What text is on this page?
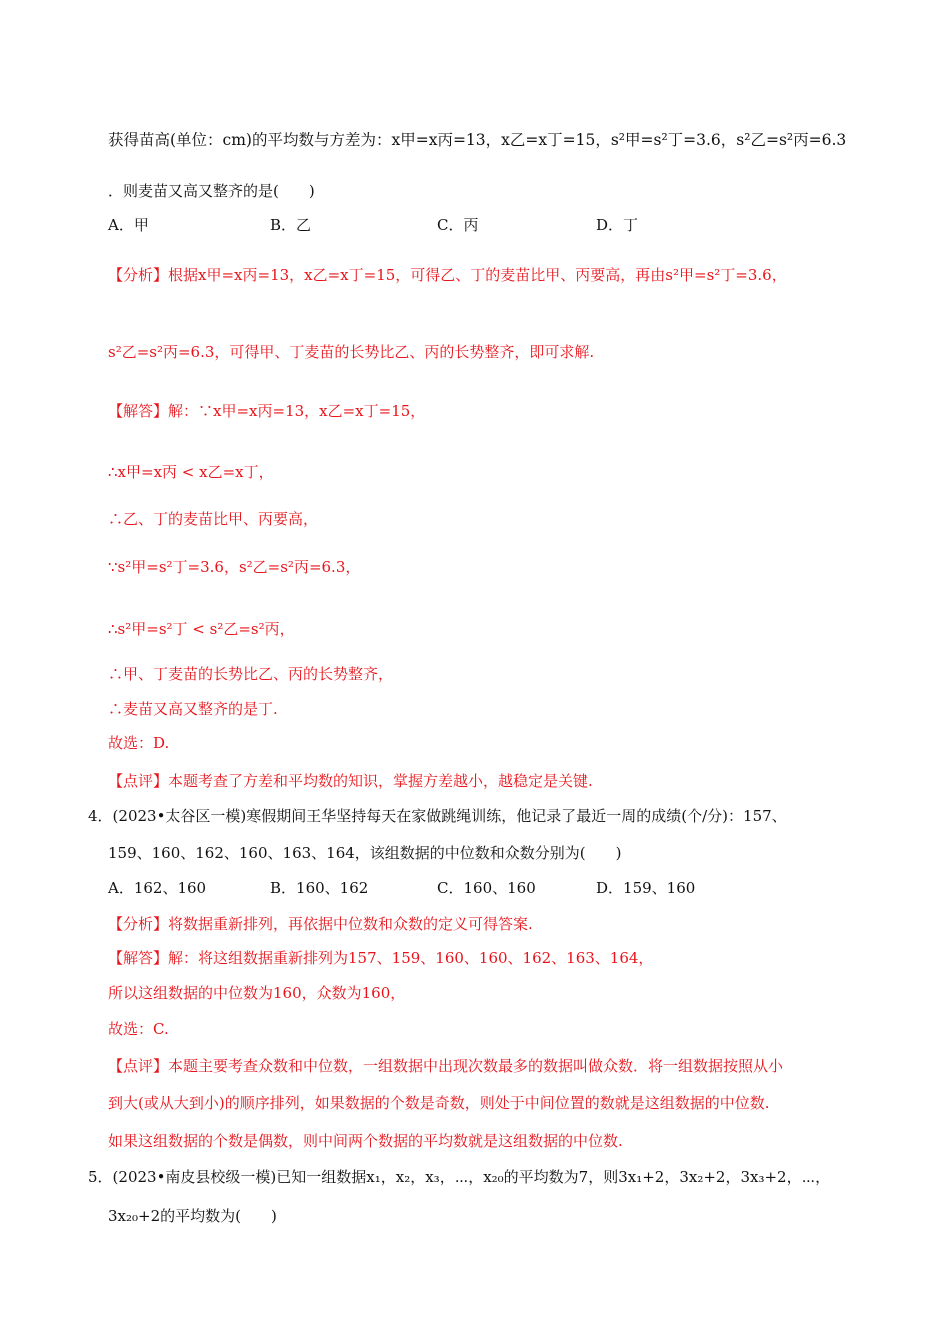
获得苗高(单位：cm)的平均数与方差为：x甲=x丙=13，x乙=x丁=15，s²甲=s²丁=3.6，s²乙=s²丙=6.3
．则麦苗又高又整齐的是(　　)
A．甲	B．乙	C．丙	D．丁
【分析】根据x甲=x丙=13，x乙=x丁=15，可得乙、丁的麦苗比甲、丙要高，再由s²甲=s²丁=3.6，
s²乙=s²丙=6.3，可得甲、丁麦苗的长势比乙、丙的长势整齐，即可求解.
【解答】解：∵x甲=x丙=13，x乙=x丁=15，
∴x甲=x丙 < x乙=x丁，
∴乙、丁的麦苗比甲、丙要高，
∵s²甲=s²丁=3.6，s²乙=s²丙=6.3，
∴s²甲=s²丁 < s²乙=s²丙，
∴甲、丁麦苗的长势比乙、丙的长势整齐，
∴麦苗又高又整齐的是丁.
故选：D.
【点评】本题考查了方差和平均数的知识，掌握方差越小，越稳定是关键.
4．(2023•太谷区一模)寒假期间王华坚持每天在家做跳绳训练，他记录了最近一周的成绩(个/分)：157、
159、160、162、160、163、164，该组数据的中位数和众数分别为(　　)
A．162、160	B．160、162	C．160、160	D．159、160
【分析】将数据重新排列，再依据中位数和众数的定义可得答案.
【解答】解：将这组数据重新排列为157、159、160、160、162、163、164，
所以这组数据的中位数为160，众数为160，
故选：C.
【点评】本题主要考查众数和中位数，一组数据中出现次数最多的数据叫做众数．将一组数据按照从小
到大(或从大到小)的顺序排列，如果数据的个数是奇数，则处于中间位置的数就是这组数据的中位数.
如果这组数据的个数是偶数，则中间两个数据的平均数就是这组数据的中位数.
5．(2023•南皮县校级一模)已知一组数据x₁，x₂，x₃，⋯，x₂₀的平均数为7，则3x₁+2，3x₂+2，3x₃+2，⋯，
3x₂₀+2的平均数为(　　)
